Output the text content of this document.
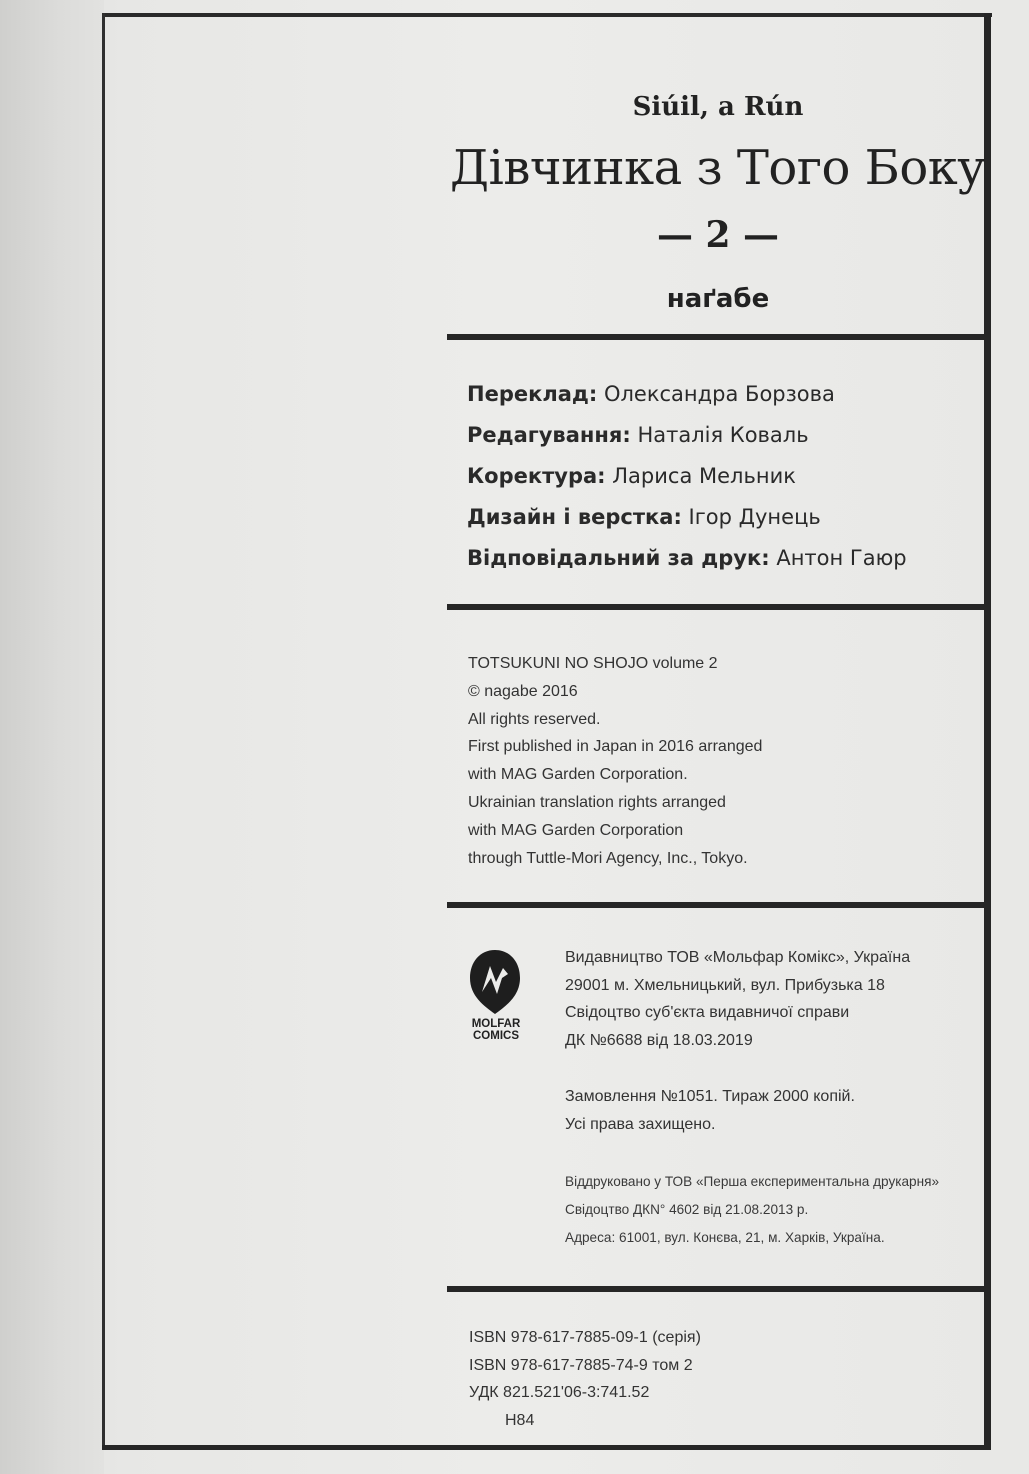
Siúil, a Rún
Дівчинка з Того Боку
— 2 —
наґабе
Переклад: Олександра Борзова
Редагування: Наталія Коваль
Коректура: Лариса Мельник
Дизайн і верстка: Ігор Дунець
Відповідальний за друк: Антон Гаюр
TOTSUKUNI NO SHOJO volume 2
© nagabe 2016
All rights reserved.
First published in Japan in 2016 arranged
with MAG Garden Corporation.
Ukrainian translation rights arranged
with MAG Garden Corporation
through Tuttle-Mori Agency, Inc., Tokyo.
MOLFAR
COMICS
Видавництво ТОВ «Мольфар Комікс», Україна
29001 м. Хмельницький, вул. Прибузька 18
Свідоцтво суб'єкта видавничої справи
ДК №6688 від 18.03.2019
Замовлення №1051. Тираж 2000 копій.
Усі права захищено.
Віддруковано у ТОВ «Перша експериментальна друкарня»
Свідоцтво ДКN° 4602 від 21.08.2013 р.
Адреса: 61001, вул. Конєва, 21, м. Харків, Україна.
ISBN 978-617-7885-09-1 (серія)
ISBN 978-617-7885-74-9 том 2
УДК 821.521'06-3:741.52
Н84
